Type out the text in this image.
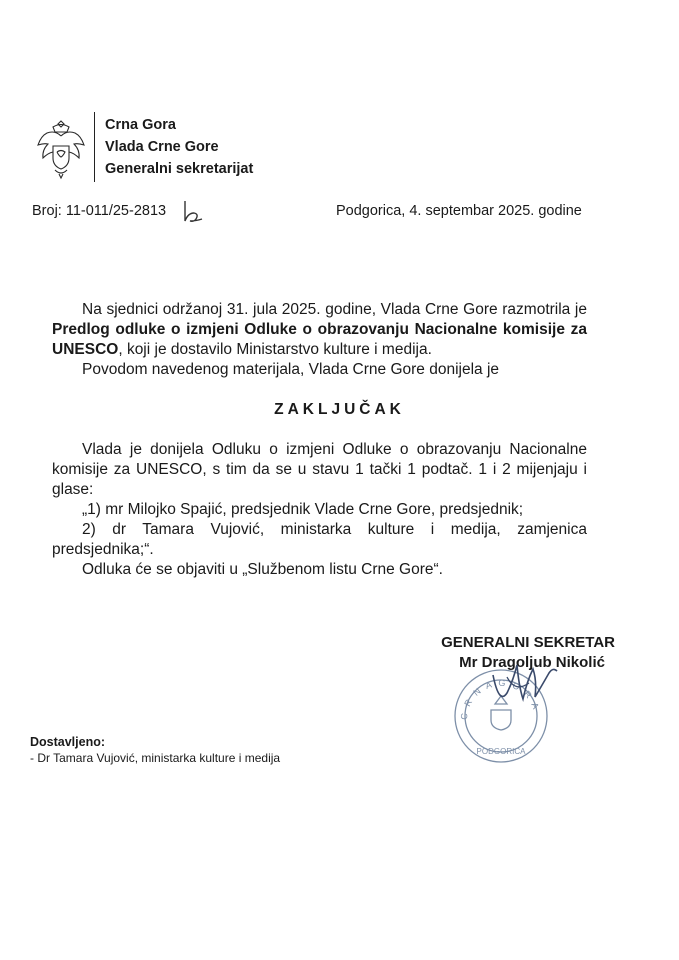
Crna Gora
Vlada Crne Gore
Generalni sekretarijat
Broj: 11-011/25-2813	Podgorica, 4. septembar 2025. godine

Na sjednici održanoj 31. jula 2025. godine, Vlada Crne Gore razmotrila je Predlog odluke o izmjeni Odluke o obrazovanju Nacionalne komisije za UNESCO, koji je dostavilo Ministarstvo kulture i medija.

Povodom navedenog materijala, Vlada Crne Gore donijela je

ZAKLJUČAK

Vlada je donijela Odluku o izmjeni Odluke o obrazovanju Nacionalne komisije za UNESCO, s tim da se u stavu 1 tački 1 podtač. 1 i 2 mijenjaju i glase:

„1) mr Milojko Spajić, predsjednik Vlade Crne Gore, predsjednik;

2) dr Tamara Vujović, ministarka kulture i medija, zamjenica predsjednika;“.

Odluka će se objaviti u „Službenom listu Crne Gore“.

C R N A G O R A
PODGORICA
GENERALNI SEKRETAR
Mr Dragoljub Nikolić
Dostavljeno:
- Dr Tamara Vujović, ministarka kulture i medija
